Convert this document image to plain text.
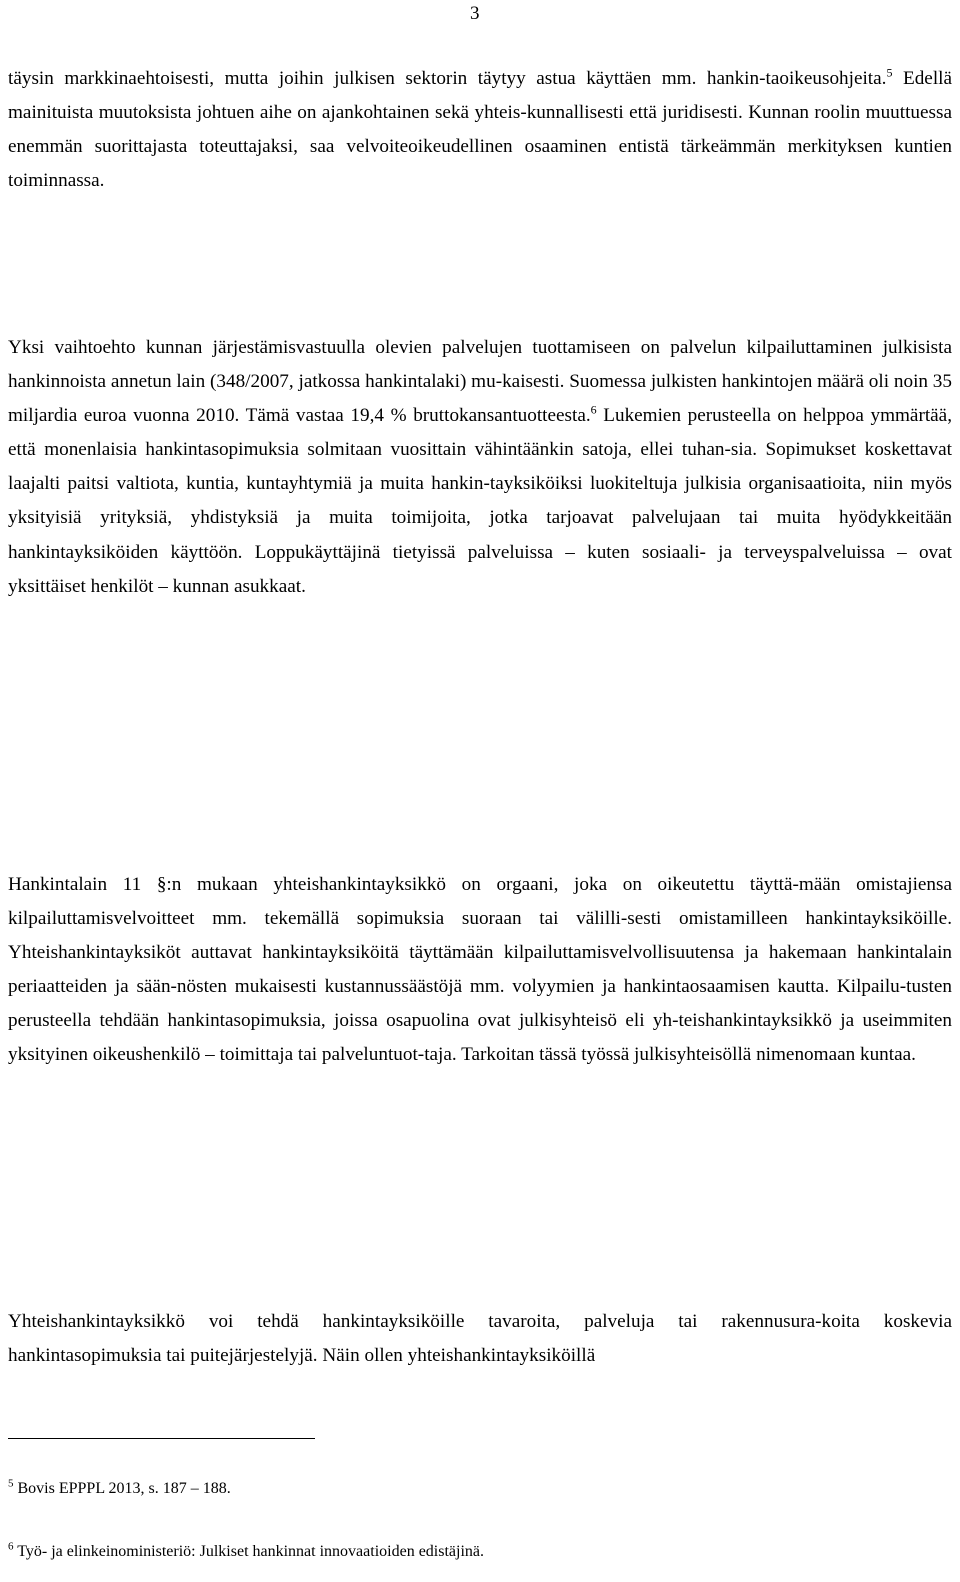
3

täysin markkinaehtoisesti, mutta joihin julkisen sektorin täytyy astua käyttäen mm. hankin-taoikeusohjeita.$^5$ Edellä mainituista muutoksista johtuen aihe on ajankohtainen sekä yhteis-kunnallisesti että juridisesti. Kunnan roolin muuttuessa enemmän suorittajasta toteuttajaksi, saa velvoiteoikeudellinen osaaminen entistä tärkeämmän merkityksen kuntien toiminnassa.

Yksi vaihtoehto kunnan järjestämisvastuulla olevien palvelujen tuottamiseen on palvelun kilpailuttaminen julkisista hankinnoista annetun lain (348/2007, jatkossa hankintalaki) mu-kaisesti. Suomessa julkisten hankintojen määrä oli noin 35 miljardia euroa vuonna 2010. Tämä vastaa 19,4 % bruttokansantuotteesta.$^6$ Lukemien perusteella on helppoa ymmärtää, että monenlaisia hankintasopimuksia solmitaan vuosittain vähintäänkin satoja, ellei tuhan-sia. Sopimukset koskettavat laajalti paitsi valtiota, kuntia, kuntayhtymiä ja muita hankin-tayksiköiksi luokiteltuja julkisia organisaatioita, niin myös yksityisiä yrityksiä, yhdistyksiä ja muita toimijoita, jotka tarjoavat palvelujaan tai muita hyödykkeitään hankintayksiköiden käyttöön. Loppukäyttäjinä tietyissä palveluissa – kuten sosiaali- ja terveyspalveluissa – ovat yksittäiset henkilöt – kunnan asukkaat.

Hankintalain 11 §:n mukaan yhteishankintayksikkö on orgaani, joka on oikeutettu täyttä-mään omistajiensa kilpailuttamisvelvoitteet mm. tekemällä sopimuksia suoraan tai välilli-sesti omistamilleen hankintayksiköille. Yhteishankintayksiköt auttavat hankintayksiköitä täyttämään kilpailuttamisvelvollisuutensa ja hakemaan hankintalain periaatteiden ja sään-nösten mukaisesti kustannussäästöjä mm. volyymien ja hankintaosaamisen kautta. Kilpailu-tusten perusteella tehdään hankintasopimuksia, joissa osapuolina ovat julkisyhteisö eli yh-teishankintayksikkö ja useimmiten yksityinen oikeushenkilö – toimittaja tai palveluntuot-taja. Tarkoitan tässä työssä julkisyhteisöllä nimenomaan kuntaa.

Yhteishankintayksikkö voi tehdä hankintayksiköille tavaroita, palveluja tai rakennusura-koita koskevia hankintasopimuksia tai puitejärjestelyjä. Näin ollen yhteishankintayksiköillä

$^5$ Bovis EPPPL 2013, s. 187 – 188.

$^6$ Työ- ja elinkeinoministeriö: Julkiset hankinnat innovaatioiden edistäjinä.
